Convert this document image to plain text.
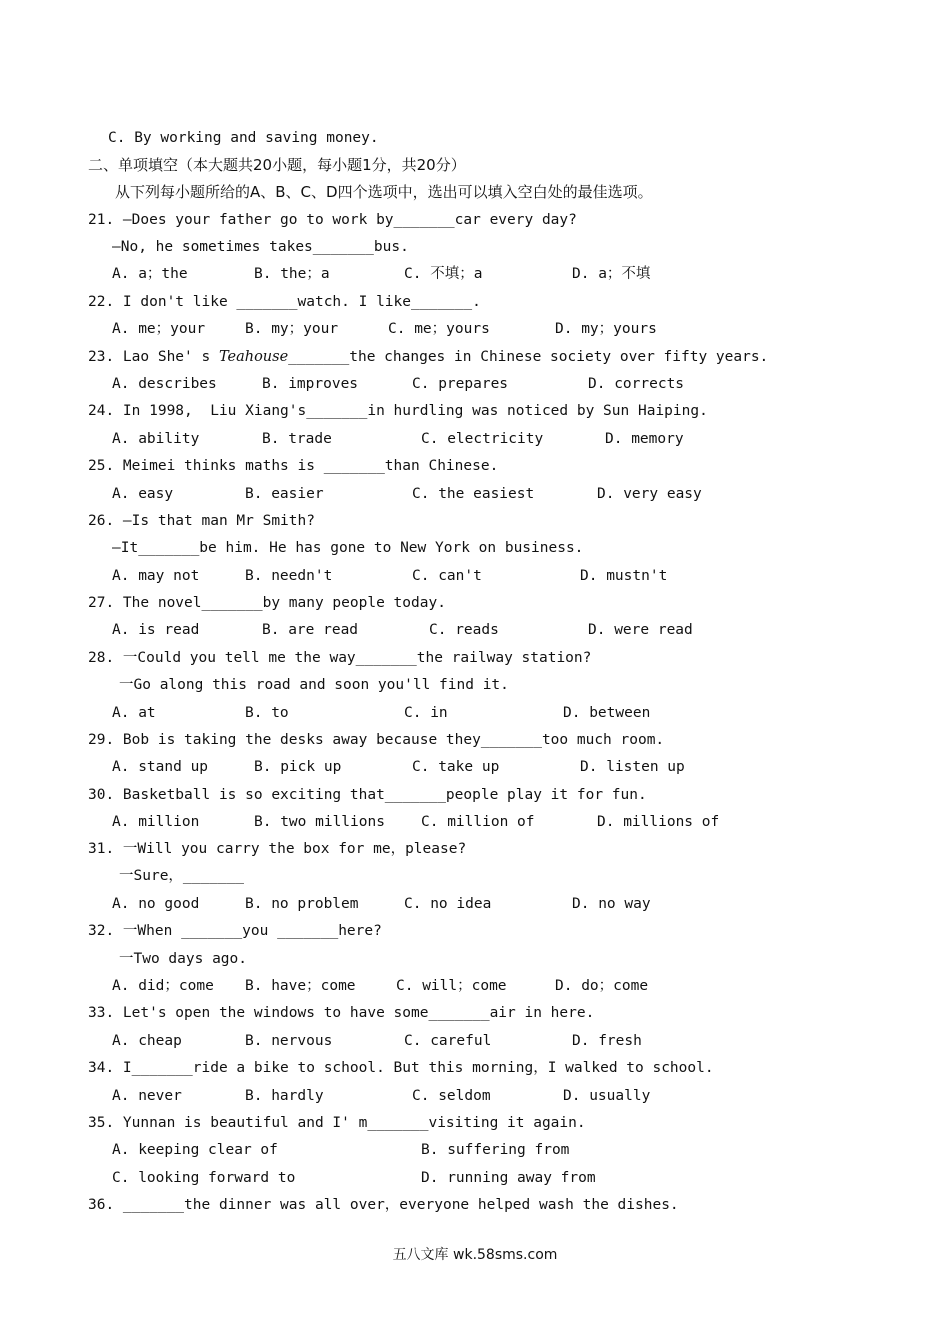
C. By working and saving money.
二、单项填空（本大题共20小题，每小题1分，共20分）
从下列每小题所给的A、B、C、D四个选项中，选出可以填入空白处的最佳选项。
21. —Does your father go to work by_______car every day?
—No, he sometimes takes_______bus.
A. a；the	B. the；a	C. 不填；a	D. a；不填
22. I don't like _______watch. I like_______.
A. me；your	B. my；your	C. me；yours	D. my；yours
23. Lao She' s Teahouse_______the changes in Chinese society over fifty years.
A. describes	B. improves	C. prepares	D. corrects
24. In 1998,  Liu Xiang's_______in hurdling was noticed by Sun Haiping.
A. ability	B. trade	C. electricity	D. memory
25. Meimei thinks maths is _______than Chinese.
A. easy	B. easier	C. the easiest	D. very easy
26. —Is that man Mr Smith?
—It_______be him. He has gone to New York on business.
A. may not	B. needn't	C. can't	D. mustn't
27. The novel_______by many people today.
A. is read	B. are read	C. reads	D. were read
28. 一Could you tell me the way_______the railway station?
一Go along this road and soon you'll find it.
A. at	B. to	C. in	D. between
29. Bob is taking the desks away because they_______too much room.
A. stand up	B. pick up	C. take up	D. listen up
30. Basketball is so exciting that_______people play it for fun.
A. million	B. two millions C. million of	D. millions of
31. 一Will you carry the box for me，please?
一Sure，_______
A. no good	B. no problem	C. no idea	D. no way
32. 一When _______you _______here?
一Two days ago.
A. did；come B. have；come	C. will；come	D. do；come
33. Let's open the windows to have some_______air in here.
A. cheap	B. nervous	C. careful	D. fresh
34. I_______ride a bike to school. But this morning，I walked to school.
A. never	B. hardly	C. seldom	D. usually
35. Yunnan is beautiful and I' m_______visiting it again.
A. keeping clear of	B. suffering from
C. looking forward to	D. running away from
36. _______the dinner was all over，everyone helped wash the dishes.
五八文库 wk.58sms.com
